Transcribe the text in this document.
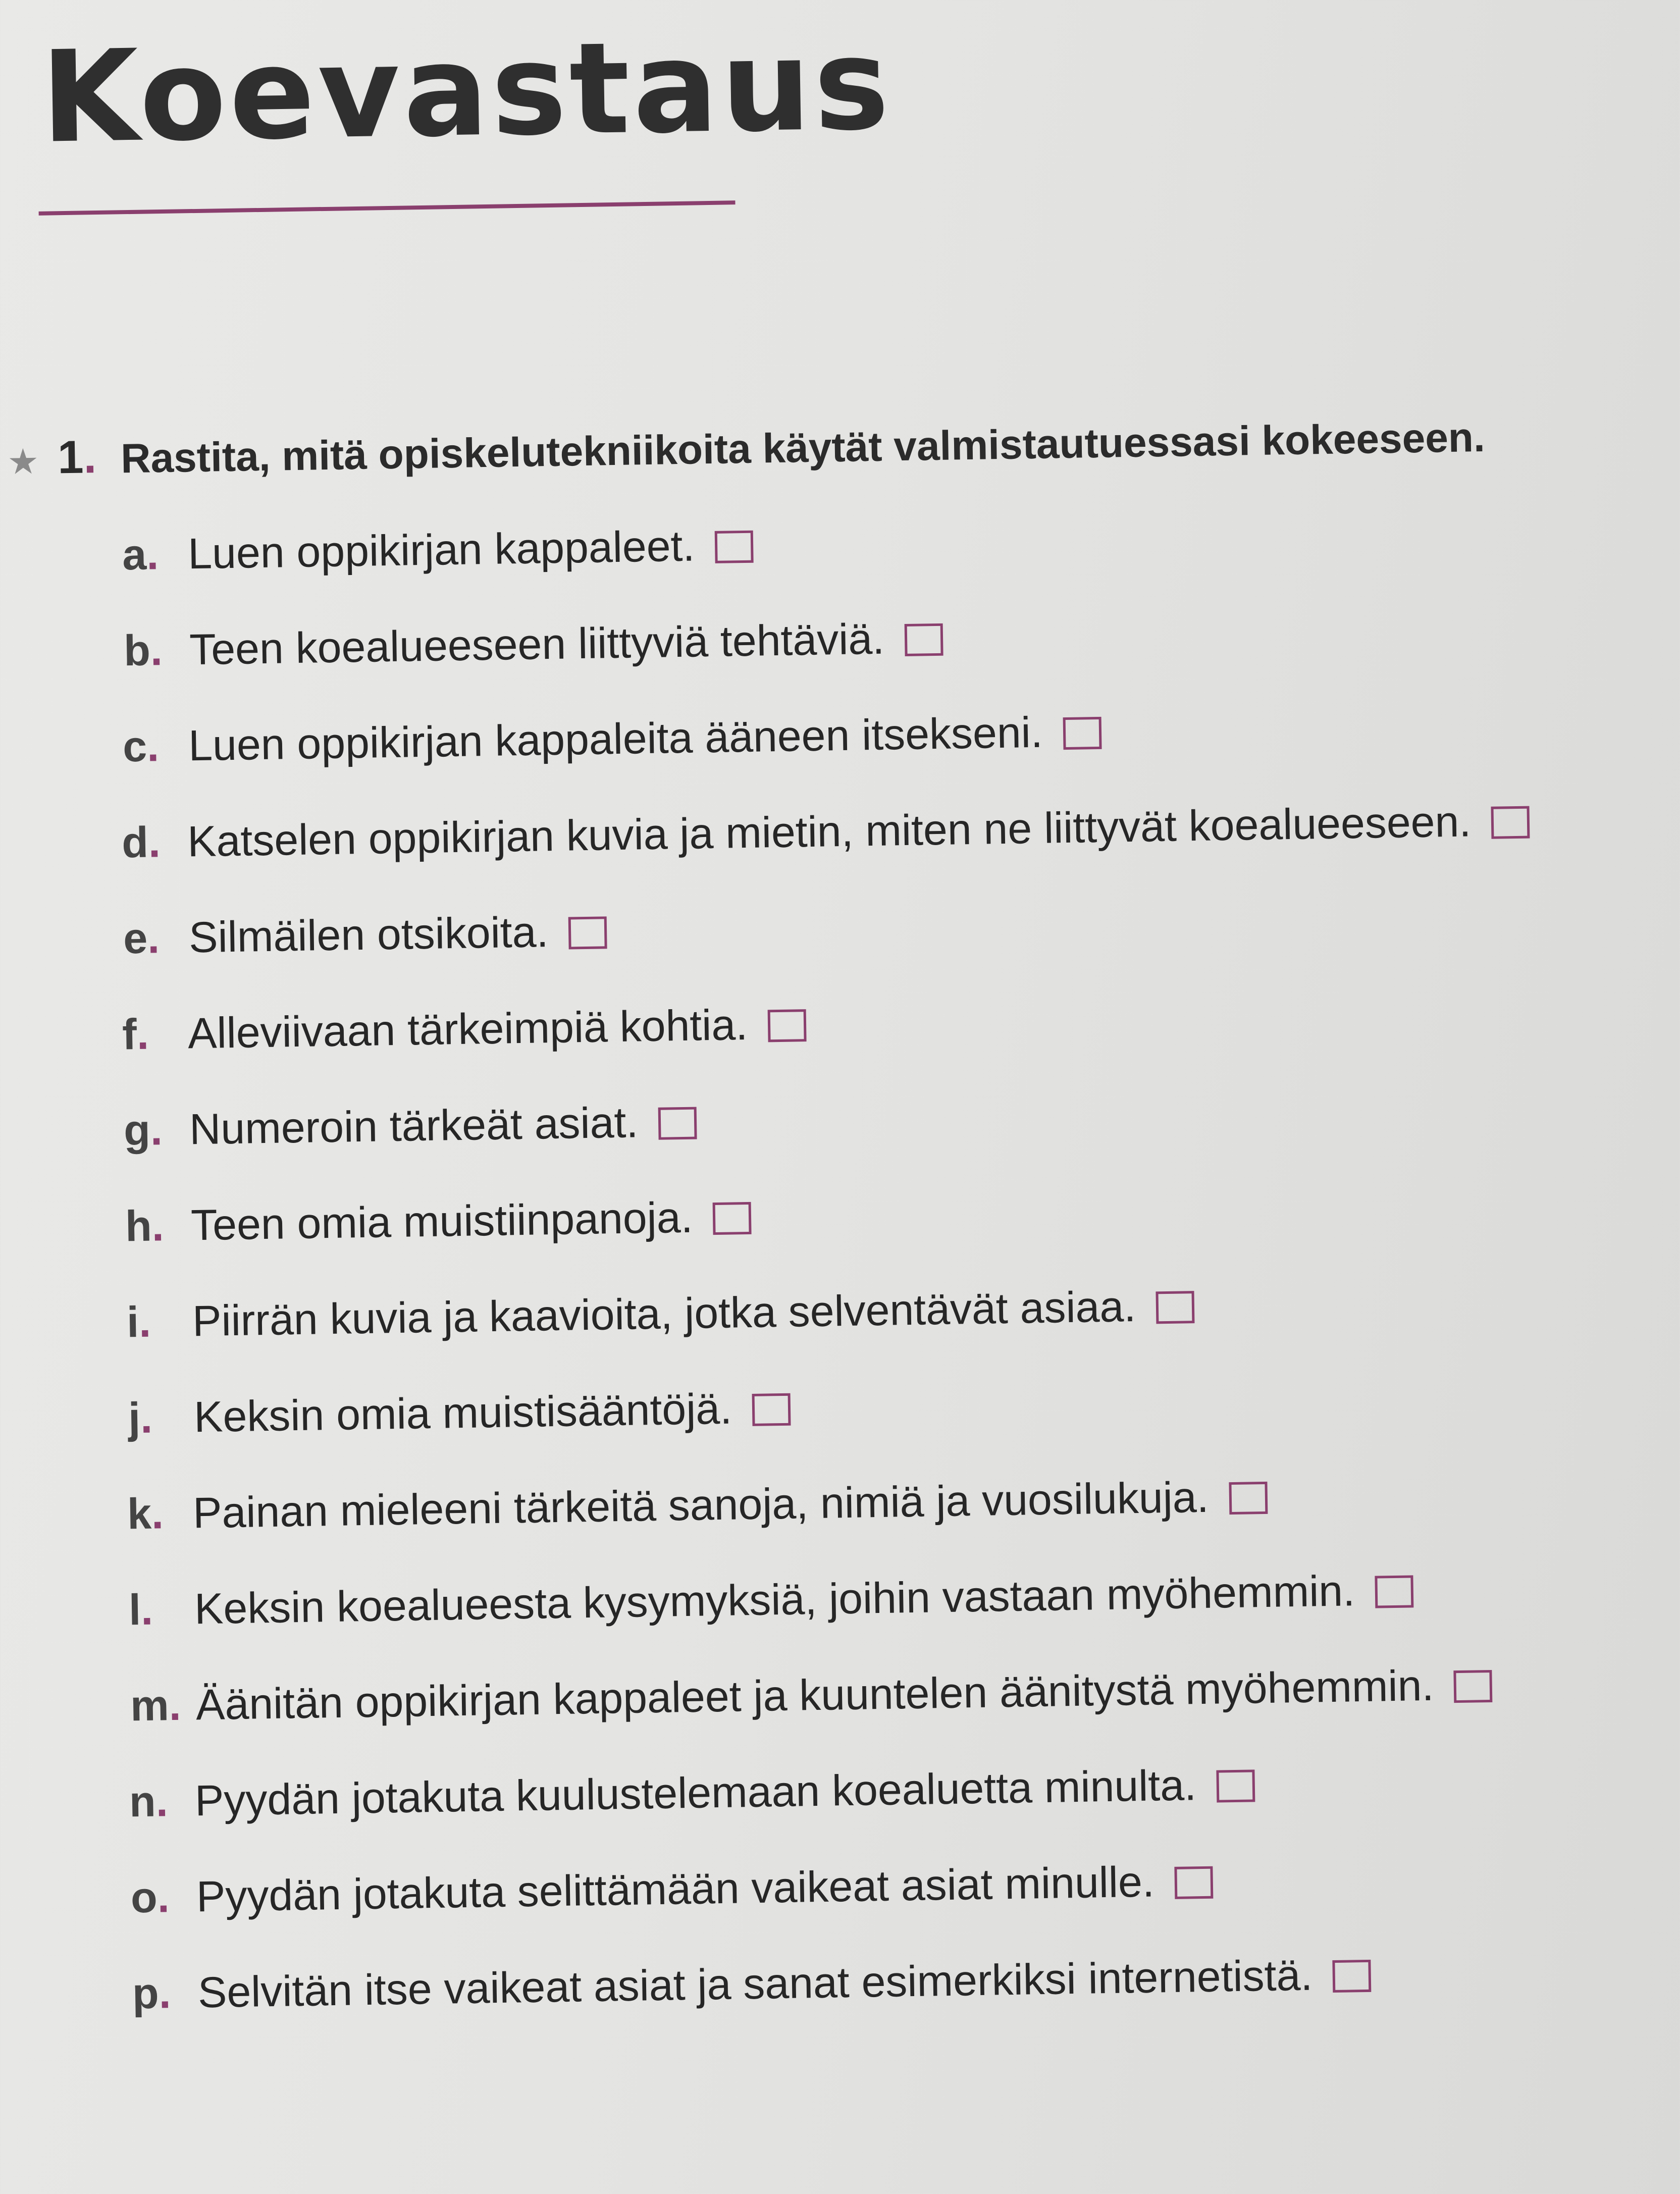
Koevastaus
★ 1. Rastita, mitä opiskelutekniikoita käytät valmistautuessasi kokeeseen.
a. Luen oppikirjan kappaleet.
b. Teen koealueeseen liittyviä tehtäviä.
c. Luen oppikirjan kappaleita ääneen itsekseni.
d. Katselen oppikirjan kuvia ja mietin, miten ne liittyvät koealueeseen.
e. Silmäilen otsikoita.
f. Alleviivaan tärkeimpiä kohtia.
g. Numeroin tärkeät asiat.
h. Teen omia muistiinpanoja.
i. Piirrän kuvia ja kaavioita, jotka selventävät asiaa.
j. Keksin omia muistisääntöjä.
k. Painan mieleeni tärkeitä sanoja, nimiä ja vuosilukuja.
l. Keksin koealueesta kysymyksiä, joihin vastaan myöhemmin.
m. Äänitän oppikirjan kappaleet ja kuuntelen äänitystä myöhemmin.
n. Pyydän jotakuta kuulustelemaan koealuetta minulta.
o. Pyydän jotakuta selittämään vaikeat asiat minulle.
p. Selvitän itse vaikeat asiat ja sanat esimerkiksi internetistä.
